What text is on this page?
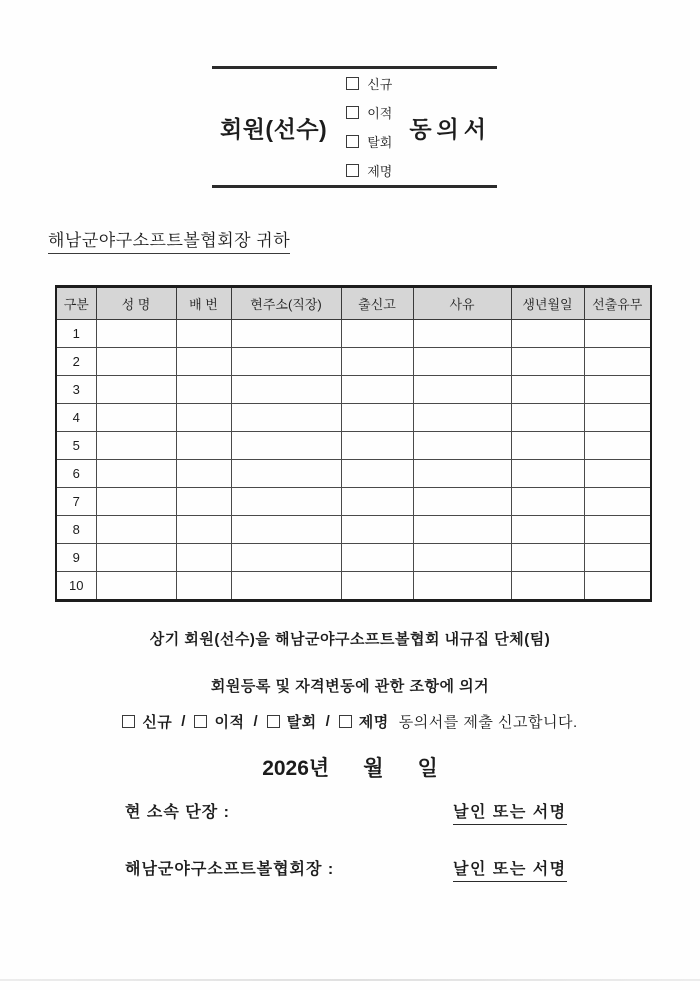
회원(선수)
신규
이적
탈회
제명
동의서
해남군야구소프트볼협회장 귀하
구분	성 명	배 번	현주소(직장)	출신고	사유	생년월일	선출유무
1							
2							
3							
4							
5							
6							
7							
8							
9							
10							
상기 회원(선수)을 해남군야구소프트볼협회 내규집 단체(팀)
회원등록 및 자격변동에 관한 조항에 의거
신규 / 이적 / 탈회 / 제명 동의서를 제출 신고합니다.
2026년 월 일
현 소속 단장 :	날인 또는 서명
해남군야구소프트볼협회장 :	날인 또는 서명
